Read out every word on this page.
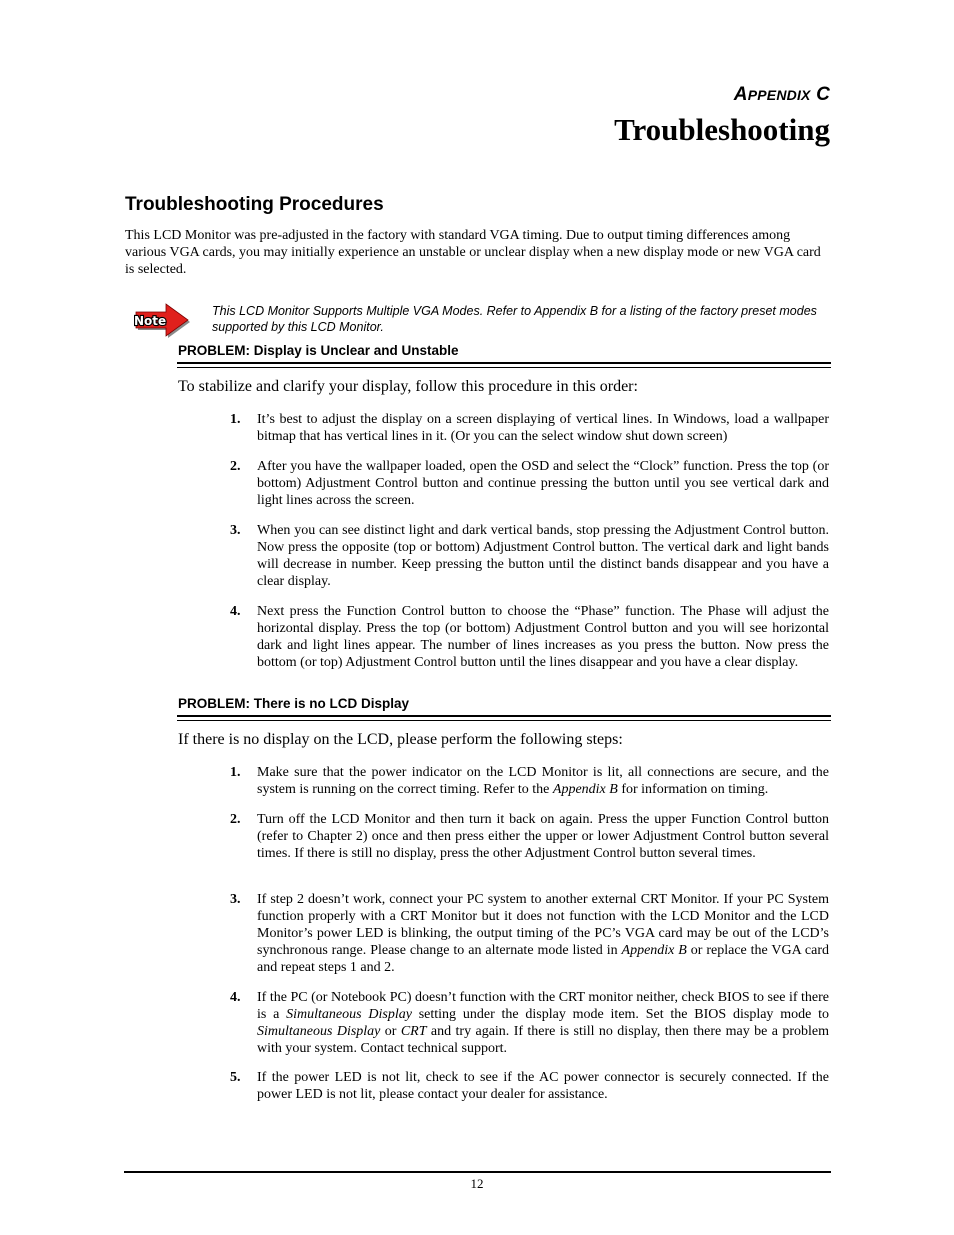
APPENDIX C
Troubleshooting
Troubleshooting Procedures

This LCD Monitor was pre-adjusted in the factory with standard VGA timing. Due to output timing differences among various VGA cards, you may initially experience an unstable or unclear display when a new display mode or new VGA card is selected.

Note

This LCD Monitor Supports Multiple VGA Modes. Refer to Appendix B for a listing of the factory preset modes supported by this LCD Monitor.

PROBLEM: Display is Unclear and Unstable

To stabilize and clarify your display, follow this procedure in this order:

1. It’s best to adjust the display on a screen displaying of vertical lines. In Windows, load a wallpaper bitmap that has vertical lines in it. (Or you can the select window shut down screen)

2. After you have the wallpaper loaded, open the OSD and select the “Clock” function. Press the top (or bottom) Adjustment Control button and continue pressing the button until you see vertical dark and light lines across the screen.

3. When you can see distinct light and dark vertical bands, stop pressing the Adjustment Control button. Now press the opposite (top or bottom) Adjustment Control button. The vertical dark and light bands will decrease in number. Keep pressing the button until the distinct bands disappear and you have a clear display.

4. Next press the Function Control button to choose the “Phase” function. The Phase will adjust the horizontal display. Press the top (or bottom) Adjustment Control button and you will see horizontal dark and light lines appear. The number of lines increases as you press the button. Now press the bottom (or top) Adjustment Control button until the lines disappear and you have a clear display.

PROBLEM: There is no LCD Display

If there is no display on the LCD, please perform the following steps:

1. Make sure that the power indicator on the LCD Monitor is lit, all connections are secure, and the system is running on the correct timing. Refer to the Appendix B for information on timing.

2. Turn off the LCD Monitor and then turn it back on again. Press the upper Function Control button (refer to Chapter 2) once and then press either the upper or lower Adjustment Control button several times. If there is still no display, press the other Adjustment Control button several times.

3. If step 2 doesn’t work, connect your PC system to another external CRT Monitor. If your PC System function properly with a CRT Monitor but it does not function with the LCD Monitor and the LCD Monitor’s power LED is blinking, the output timing of the PC’s VGA card may be out of the LCD’s synchronous range. Please change to an alternate mode listed in Appendix B or replace the VGA card and repeat steps 1 and 2.

4. If the PC (or Notebook PC) doesn’t function with the CRT monitor neither, check BIOS to see if there is a Simultaneous Display setting under the display mode item. Set the BIOS display mode to Simultaneous Display or CRT and try again. If there is still no display, then there may be a problem with your system. Contact technical support.

5. If the power LED is not lit, check to see if the AC power connector is securely connected. If the power LED is not lit, please contact your dealer for assistance.

12
